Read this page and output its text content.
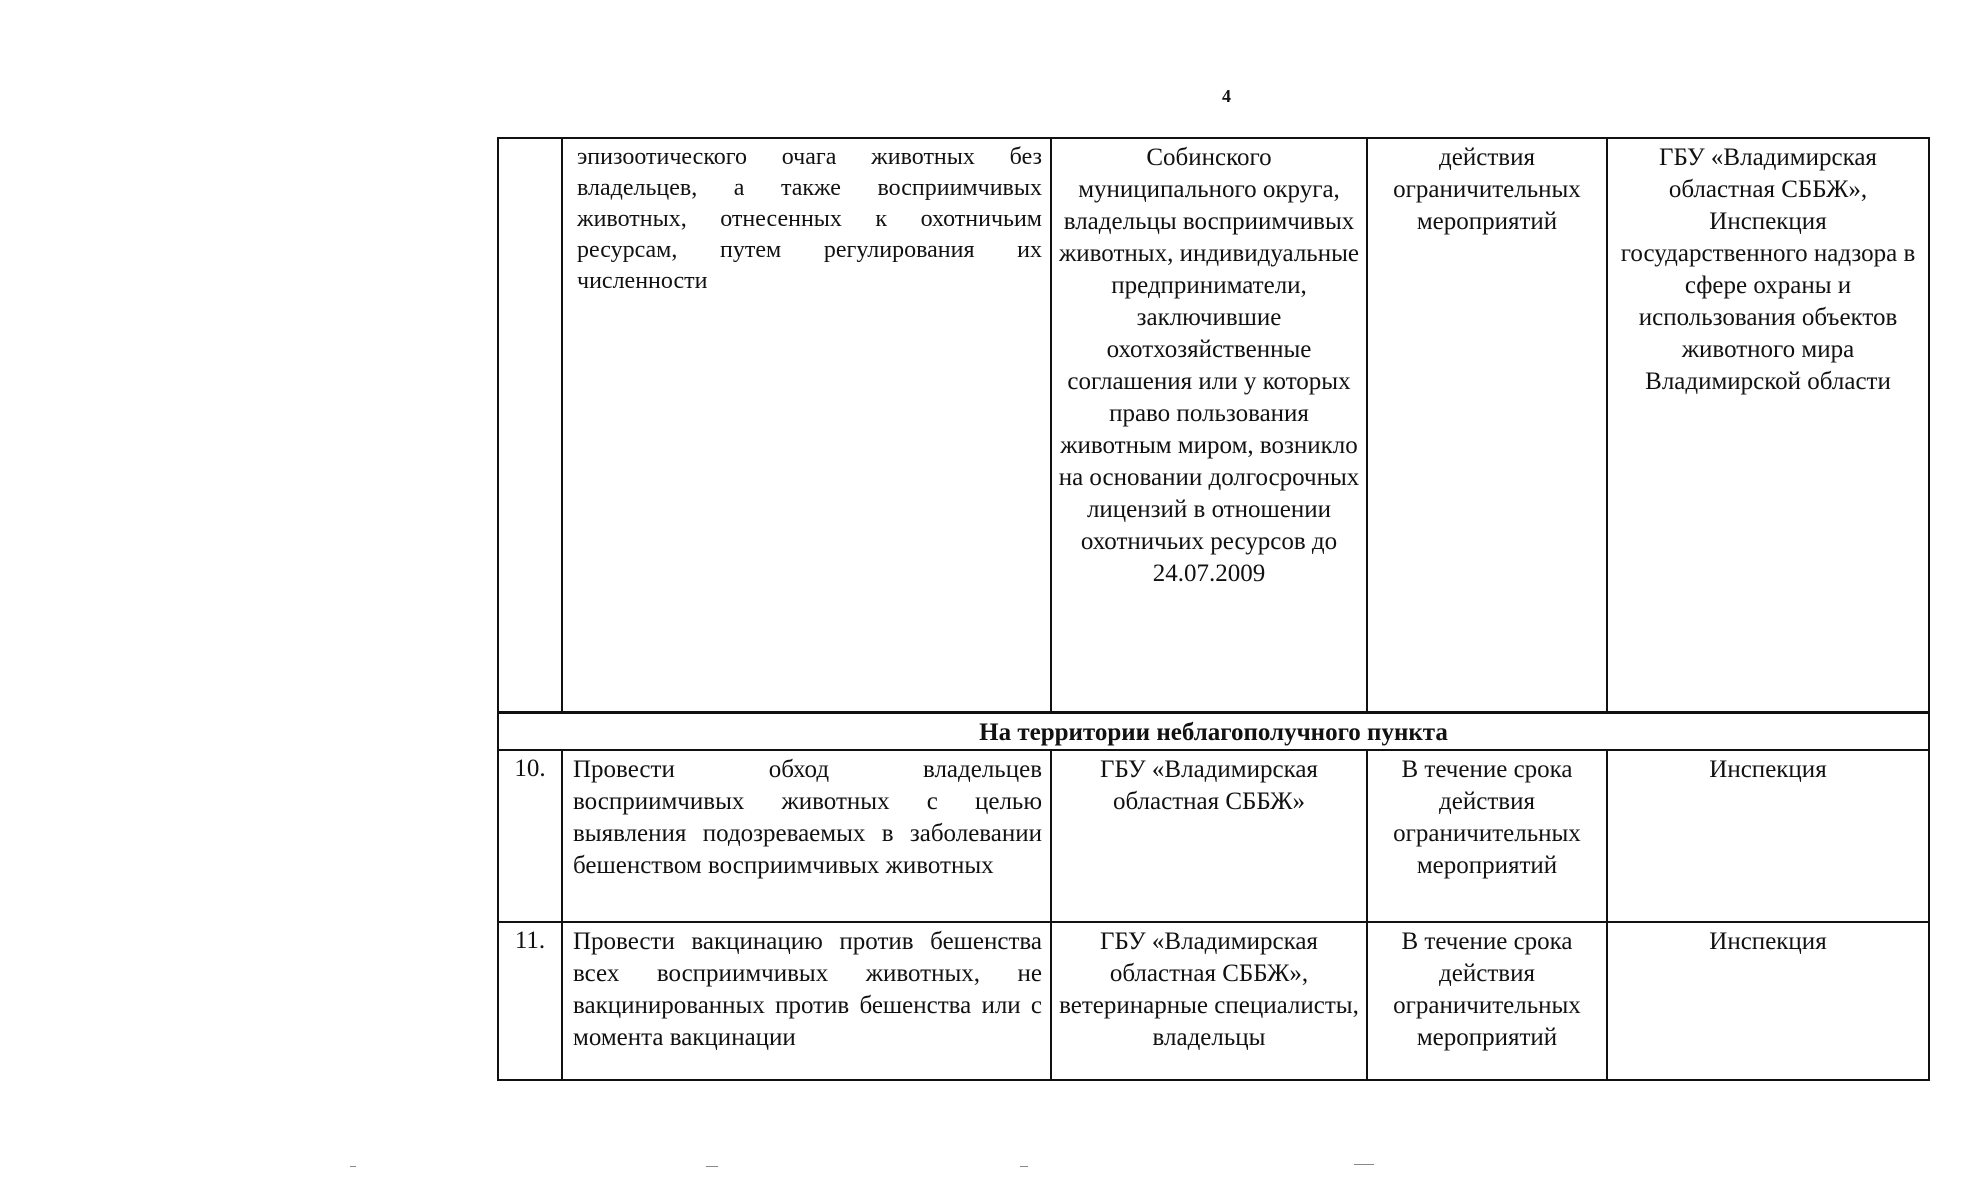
4
	эпизоотического очага животных без владельцев, а также восприимчивых животных, отнесенных к охотничьим ресурсам, путем регулирования их численности	Собинского муниципального округа, владельцы восприимчивых животных, индивидуальные предприниматели, заключившие охотхозяйственные соглашения или у которых право пользования животным миром, возникло на основании долгосрочных лицензий в отношении охотничьих ресурсов до 24.07.2009	действия ограничительных мероприятий	ГБУ «Владимирская областная СББЖ», Инспекция государственного надзора в сфере охраны и использования объектов животного мира Владимирской области
На территории неблагополучного пункта				
10.	Провести обход владельцев восприимчивых животных с целью выявления подозреваемых в заболевании бешенством восприимчивых животных	ГБУ «Владимирская областная СББЖ»	В течение срока действия ограничительных мероприятий	Инспекция
11.	Провести вакцинацию против бешенства всех восприимчивых животных, не вакцинированных против бешенства или с момента вакцинации	ГБУ «Владимирская областная СББЖ», ветеринарные специалисты, владельцы	В течение срока действия ограничительных мероприятий	Инспекция
